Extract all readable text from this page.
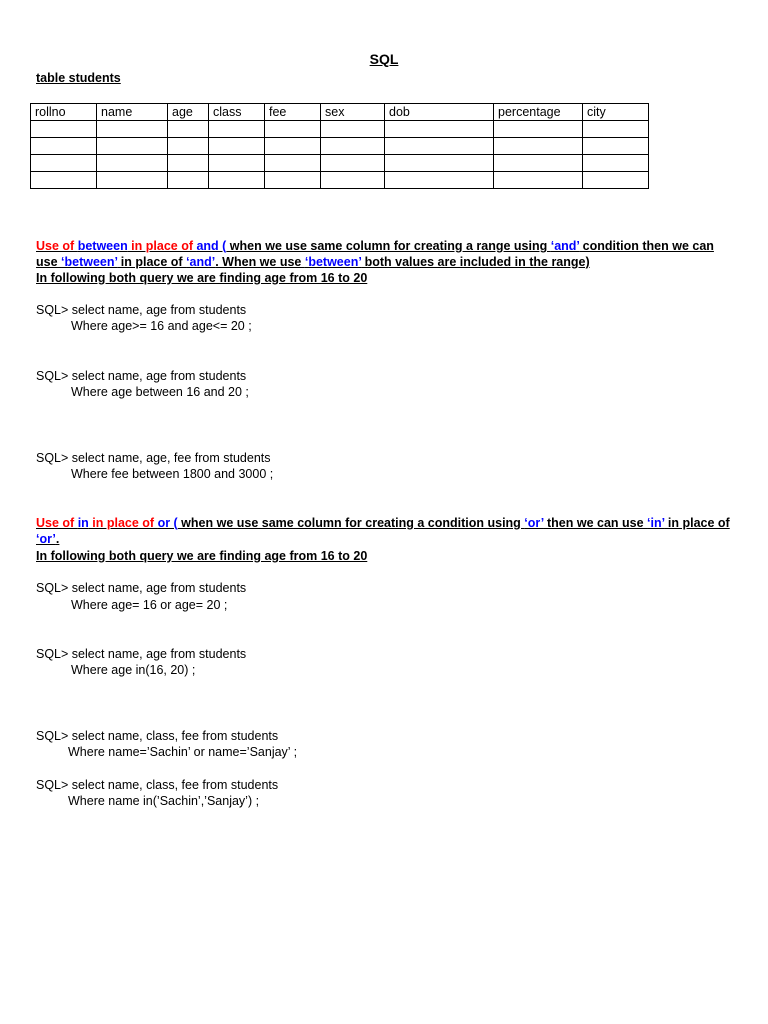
SQL
table students
rollno	name	age	class	fee	sex	dob	percentage	city

Use of between in place of and ( when we use same column for creating a range using ‘and’ condition then we can
use ‘between’ in place of ‘and’. When we use ‘between’ both values are included in the range)
In following both query we are finding age from 16 to 20
SQL> select name, age from students
Where age>= 16 and age<= 20 ;
SQL> select name, age from students
Where age between 16 and 20 ;
SQL> select name, age, fee from students
Where fee between 1800 and 3000 ;
Use of in in place of or ( when we use same column for creating a condition using ‘or’ then we can use ‘in’ in place of
‘or’.
In following both query we are finding age from 16 to 20
SQL> select name, age from students
Where age= 16 or age= 20 ;
SQL> select name, age from students
Where age in(16, 20) ;
SQL> select name, class, fee from students
Where name=’Sachin’ or name=’Sanjay’ ;
SQL> select name, class, fee from students
Where name in(’Sachin’,’Sanjay’) ;
